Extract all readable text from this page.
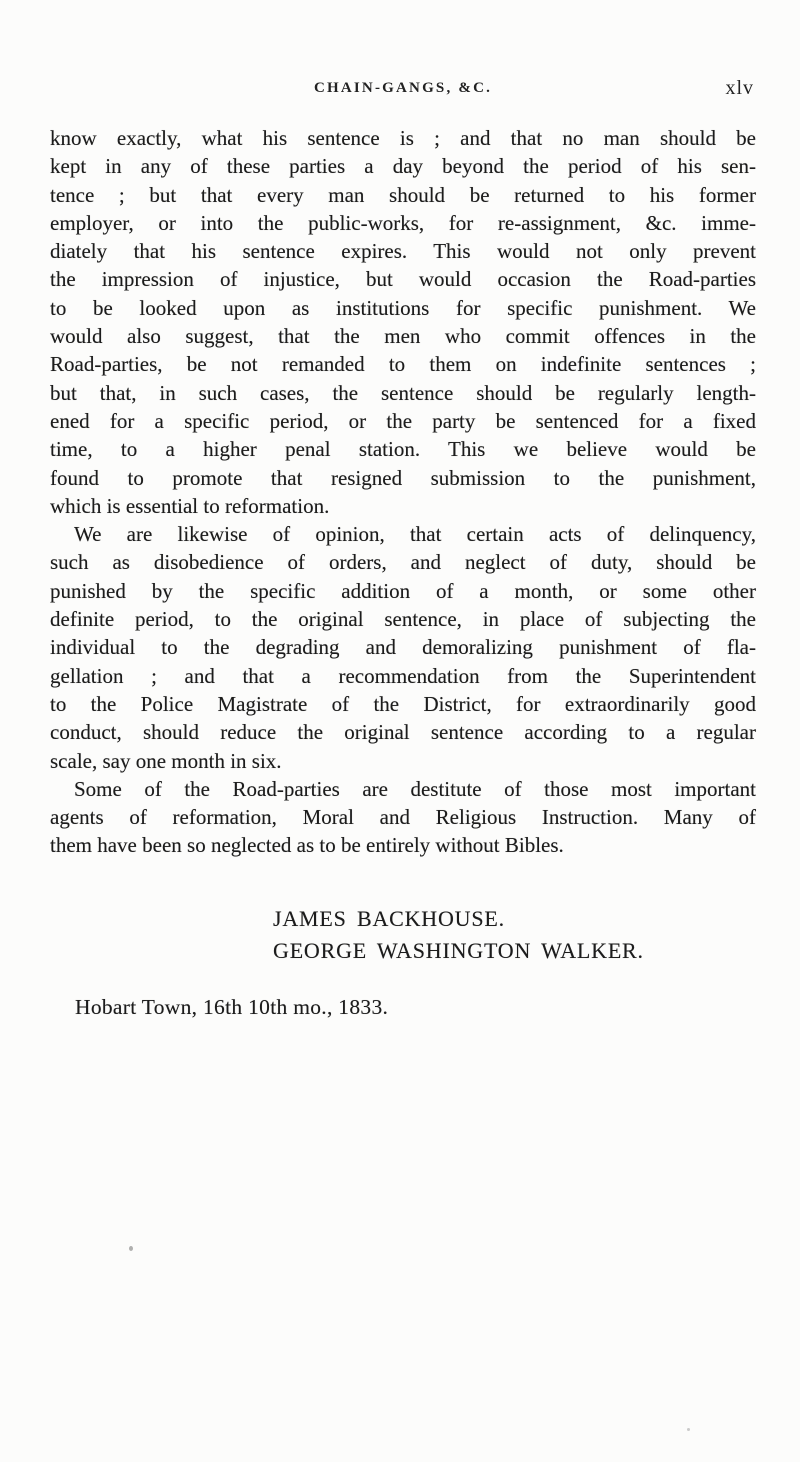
CHAIN-GANGS, &C.	xlv
know exactly, what his sentence is ; and that no man should be
kept in any of these parties a day beyond the period of his sen-
tence ; but that every man should be returned to his former
employer, or into the public-works, for re-assignment, &c. imme-
diately that his sentence expires. This would not only prevent
the impression of injustice, but would occasion the Road-parties
to be looked upon as institutions for specific punishment. We
would also suggest, that the men who commit offences in the
Road-parties, be not remanded to them on indefinite sentences ;
but that, in such cases, the sentence should be regularly length-
ened for a specific period, or the party be sentenced for a fixed
time, to a higher penal station. This we believe would be
found to promote that resigned submission to the punishment,
which is essential to reformation.
We are likewise of opinion, that certain acts of delinquency,
such as disobedience of orders, and neglect of duty, should be
punished by the specific addition of a month, or some other
definite period, to the original sentence, in place of subjecting the
individual to the degrading and demoralizing punishment of fla-
gellation ; and that a recommendation from the Superintendent
to the Police Magistrate of the District, for extraordinarily good
conduct, should reduce the original sentence according to a regular
scale, say one month in six.
Some of the Road-parties are destitute of those most important
agents of reformation, Moral and Religious Instruction. Many of
them have been so neglected as to be entirely without Bibles.
JAMES BACKHOUSE.
GEORGE WASHINGTON WALKER.
Hobart Town, 16th 10th mo., 1833.
